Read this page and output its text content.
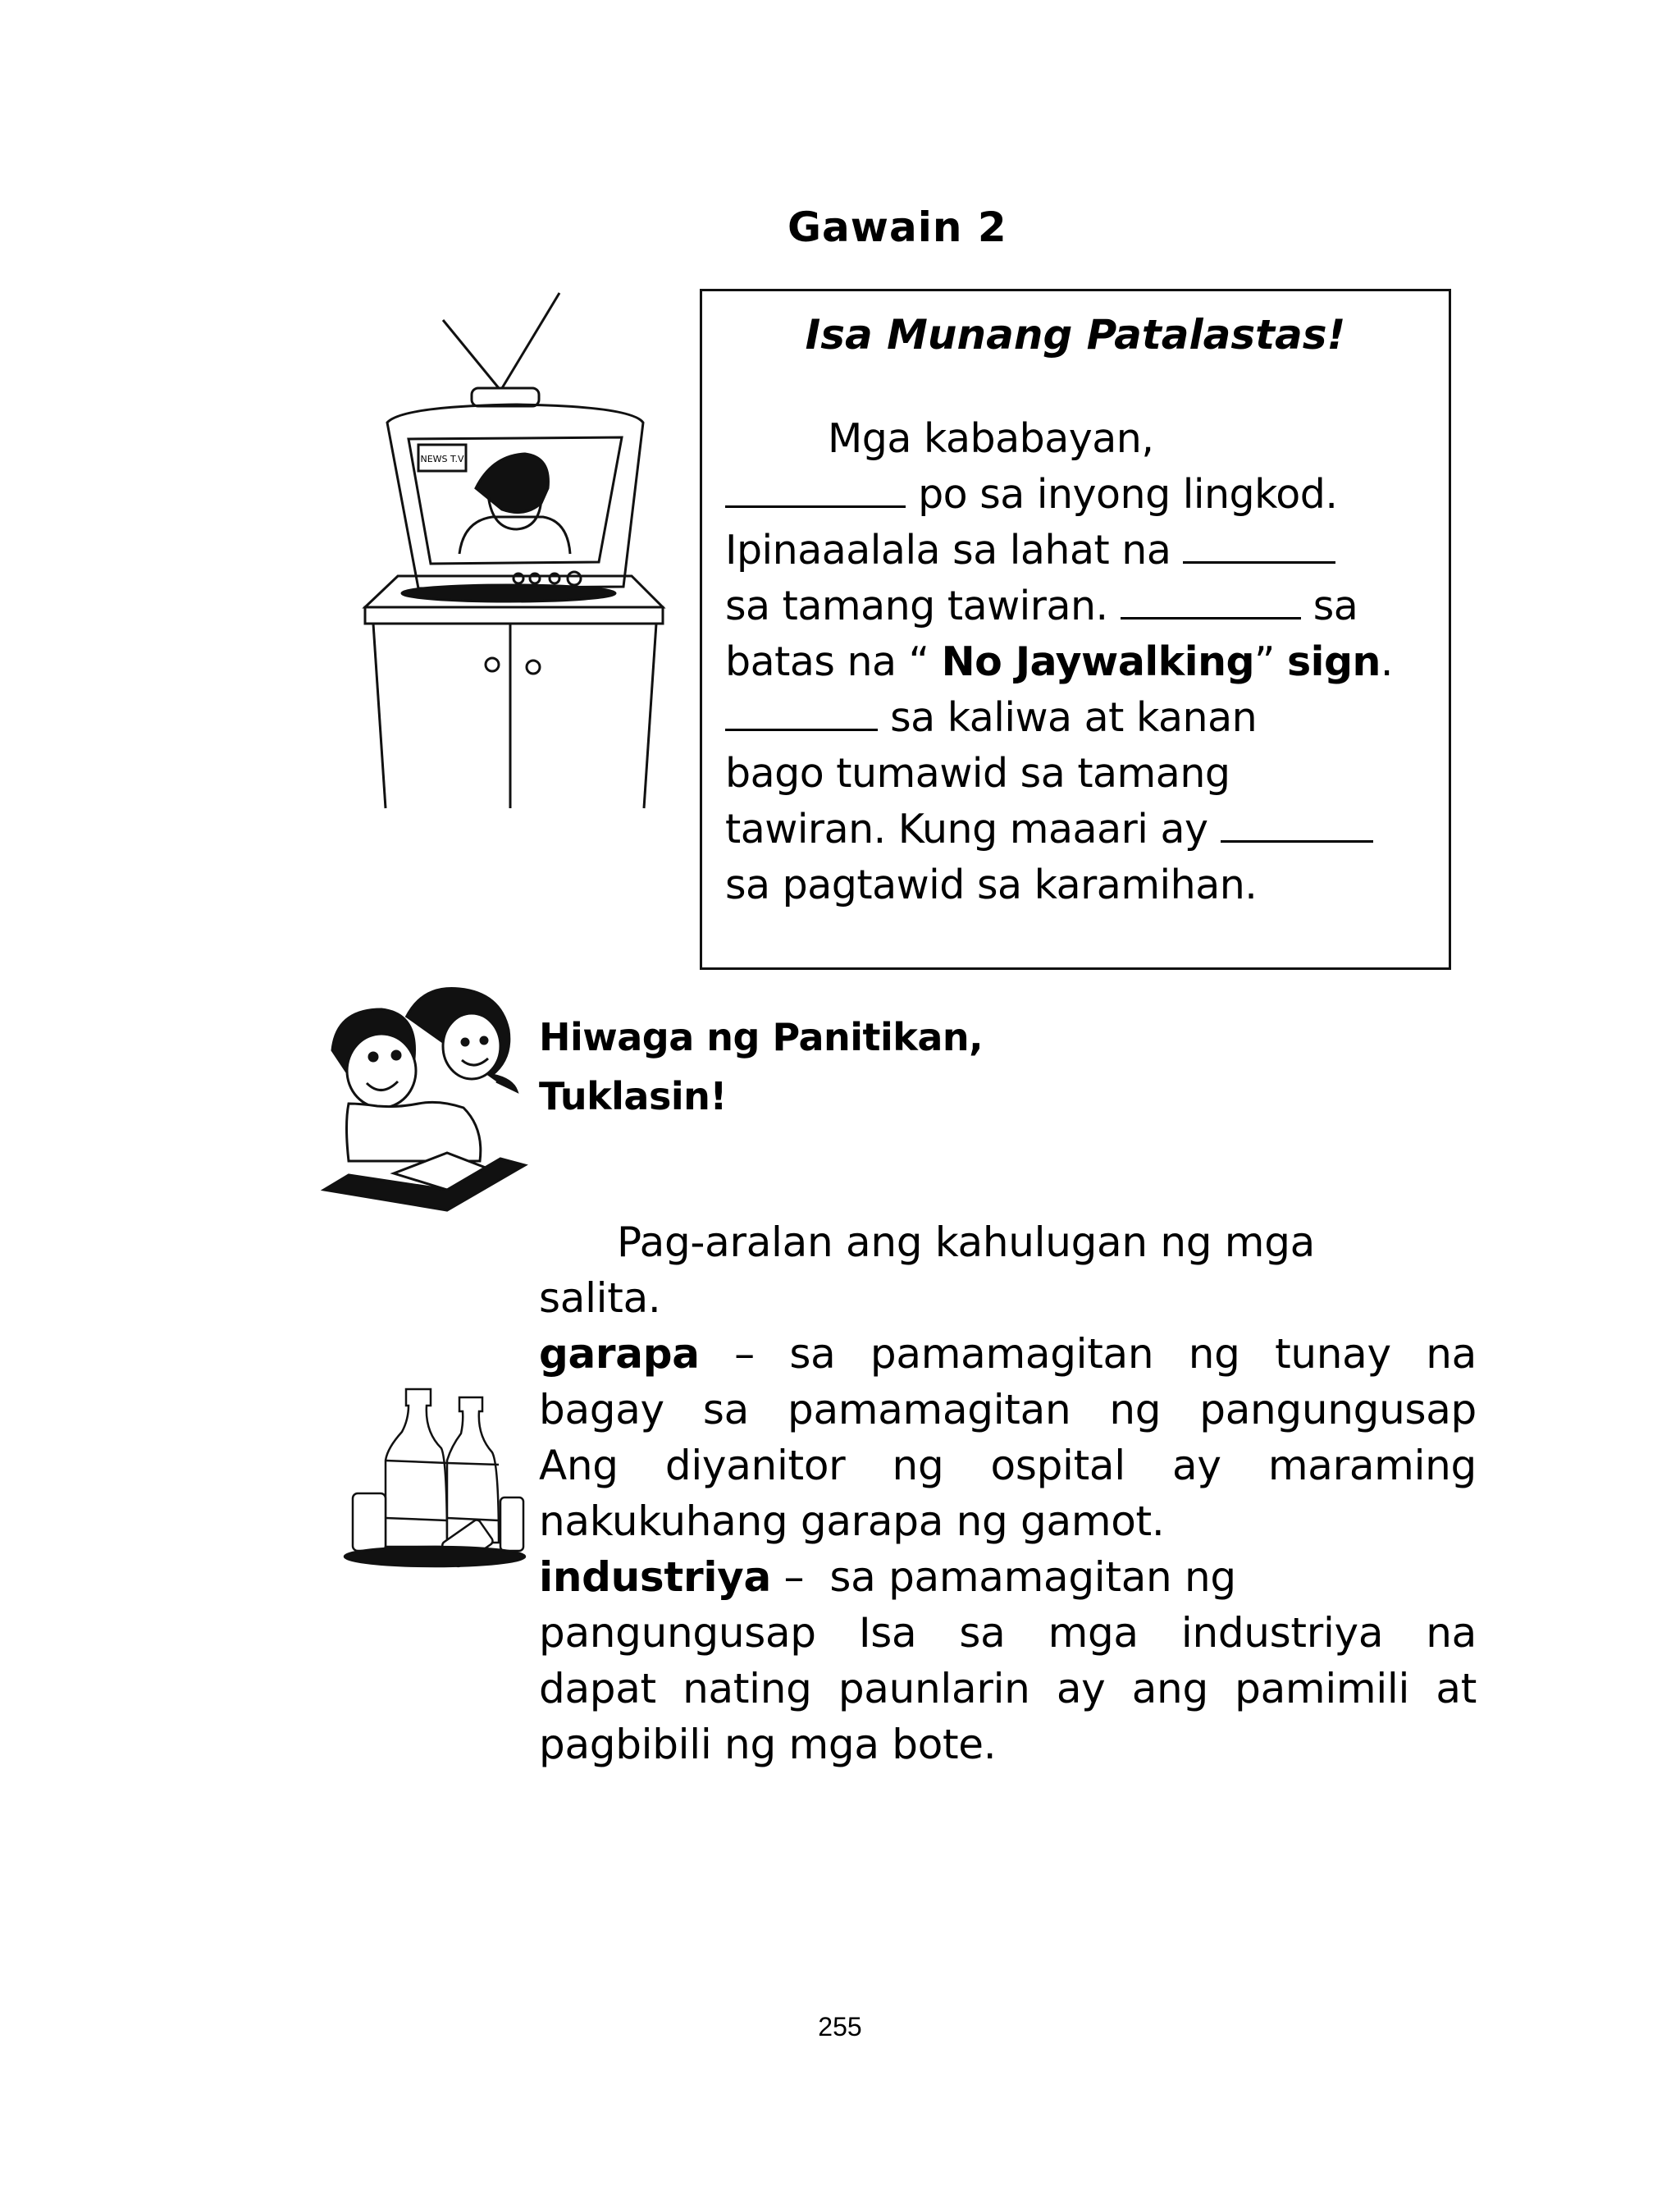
Gawain 2
NEWS T.V
Isa Munang Patalastas!
Mga kababayan,
po sa inyong lingkod.
Ipinaaalala sa lahat na
sa tamang tawiran.	sa
batas na “ No Jaywalking” sign.
sa kaliwa at kanan
bago tumawid sa tamang
tawiran. Kung maaari ay
sa pagtawid sa karamihan.
Hiwaga ng Panitikan,
Tuklasin!
Pag-aralan ang kahulugan ng mga
salita.
garapa – sa pamamagitan ng tunay na
bagay sa pamamagitan ng pangungusap
Ang diyanitor ng ospital ay maraming
nakukuhang garapa ng gamot.
industriya –  sa pamamagitan ng
pangungusap Isa sa mga industriya na
dapat nating paunlarin ay ang pamimili at
pagbibili ng mga bote.
255
